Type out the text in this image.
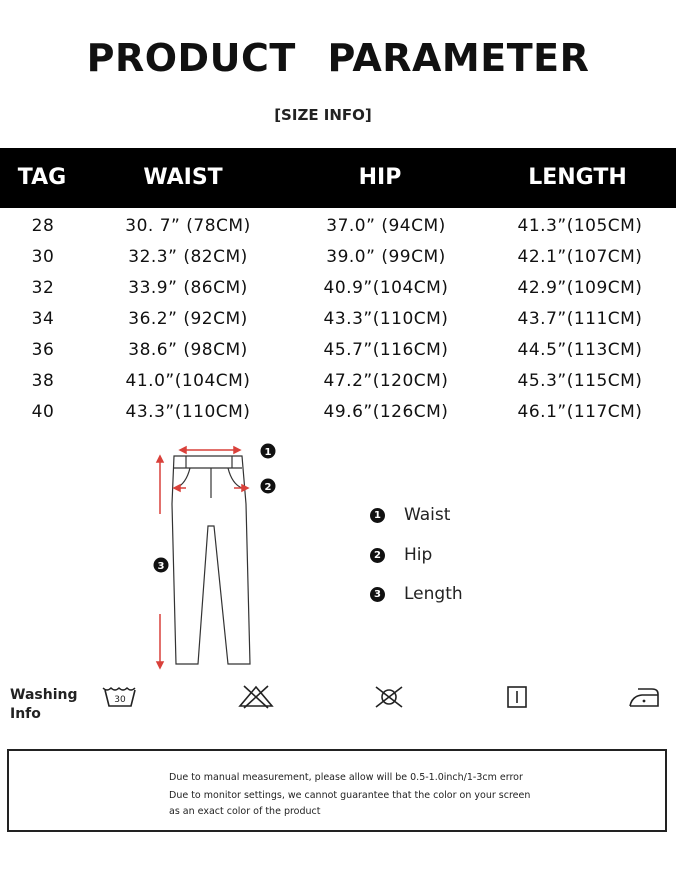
PRODUCT PARAMETER
[SIZE INFO]
TAG	WAIST	HIP	LENGTH
28	30. 7” (78CM)	37.0” (94CM)	41.3”(105CM)
30	32.3” (82CM)	39.0” (99CM)	42.1”(107CM)
32	33.9” (86CM)	40.9”(104CM)	42.9”(109CM)
34	36.2” (92CM)	43.3”(110CM)	43.7”(111CM)
36	38.6” (98CM)	45.7”(116CM)	44.5”(113CM)
38	41.0”(104CM)	47.2”(120CM)	45.3”(115CM)
40	43.3”(110CM)	49.6”(126CM)	46.1”(117CM)
1
2
3
1 Waist
2 Hip
3 Length
Washing
Info
30
Due to manual measurement, please allow will be 0.5-1.0inch/1-3cm error
Due to monitor settings, we cannot guarantee that the color on your screen
as an exact color of the product
